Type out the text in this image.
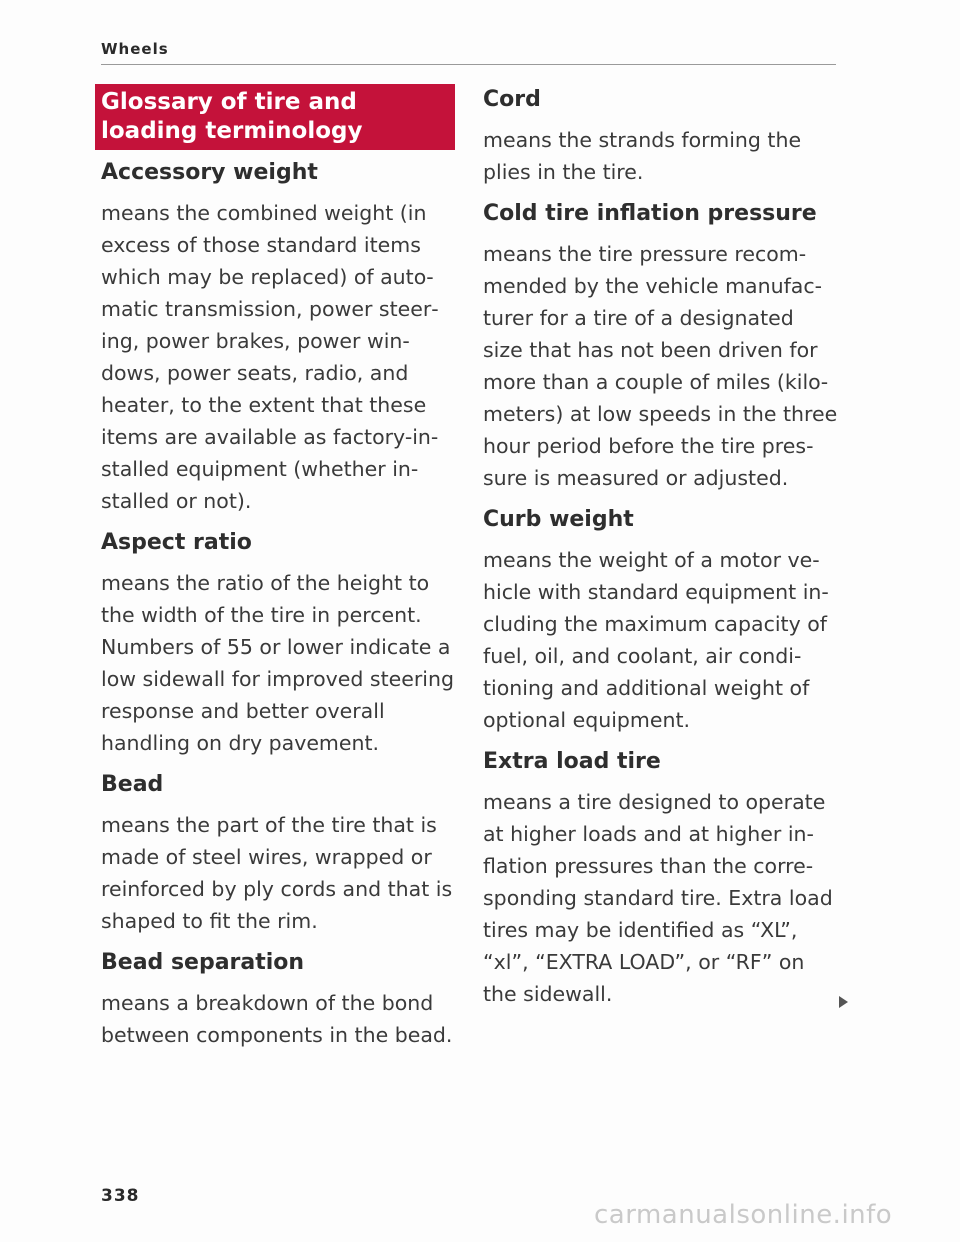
Wheels
Glossary of tire and loading terminology
Accessory weight
means the combined weight (in excess of those standard items which may be replaced) of automatic transmission, power steering, power brakes, power windows, power seats, radio, and heater, to the extent that these items are available as factory-installed equipment (whether installed or not).
Aspect ratio
means the ratio of the height to the width of the tire in percent. Numbers of 55 or lower indicate a low sidewall for improved steering response and better overall handling on dry pavement.
Bead
means the part of the tire that is made of steel wires, wrapped or reinforced by ply cords and that is shaped to fit the rim.
Bead separation
means a breakdown of the bond between components in the bead.
Cord
means the strands forming the plies in the tire.
Cold tire inflation pressure
means the tire pressure recommended by the vehicle manufacturer for a tire of a designated size that has not been driven for more than a couple of miles (kilometers) at low speeds in the three hour period before the tire pressure is measured or adjusted.
Curb weight
means the weight of a motor vehicle with standard equipment including the maximum capacity of fuel, oil, and coolant, air conditioning and additional weight of optional equipment.
Extra load tire
means a tire designed to operate at higher loads and at higher inflation pressures than the corresponding standard tire. Extra load tires may be identified as “XL”, “xl”, “EXTRA LOAD”, or “RF” on the sidewall.
338
carmanualsonline.info
